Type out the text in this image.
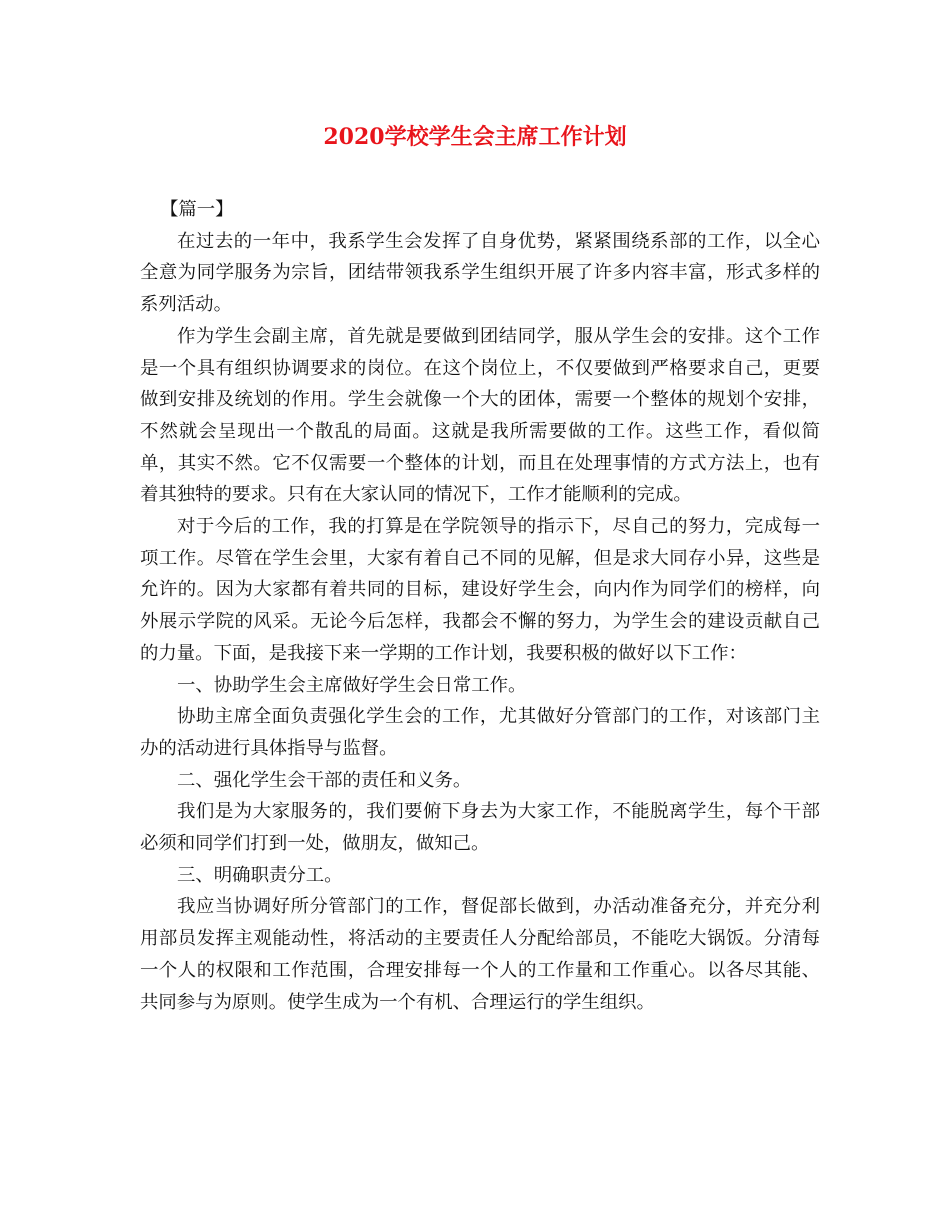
2020学校学生会主席工作计划

【篇一】

在过去的一年中，我系学生会发挥了自身优势，紧紧围绕系部的工作，以全心全意为同学服务为宗旨，团结带领我系学生组织开展了许多内容丰富，形式多样的系列活动。

作为学生会副主席，首先就是要做到团结同学，服从学生会的安排。这个工作是一个具有组织协调要求的岗位。在这个岗位上，不仅要做到严格要求自己，更要做到安排及统划的作用。学生会就像一个大的团体，需要一个整体的规划个安排，不然就会呈现出一个散乱的局面。这就是我所需要做的工作。这些工作，看似简单，其实不然。它不仅需要一个整体的计划，而且在处理事情的方式方法上，也有着其独特的要求。只有在大家认同的情况下，工作才能顺利的完成。

对于今后的工作，我的打算是在学院领导的指示下，尽自己的努力，完成每一项工作。尽管在学生会里，大家有着自己不同的见解，但是求大同存小异，这些是允许的。因为大家都有着共同的目标，建设好学生会，向内作为同学们的榜样，向外展示学院的风采。无论今后怎样，我都会不懈的努力，为学生会的建设贡献自己的力量。下面，是我接下来一学期的工作计划，我要积极的做好以下工作：

一、协助学生会主席做好学生会日常工作。

协助主席全面负责强化学生会的工作，尤其做好分管部门的工作，对该部门主办的活动进行具体指导与监督。

二、强化学生会干部的责任和义务。

我们是为大家服务的，我们要俯下身去为大家工作，不能脱离学生，每个干部必须和同学们打到一处，做朋友，做知己。

三、明确职责分工。

我应当协调好所分管部门的工作，督促部长做到，办活动准备充分，并充分利用部员发挥主观能动性，将活动的主要责任人分配给部员，不能吃大锅饭。分清每一个人的权限和工作范围，合理安排每一个人的工作量和工作重心。以各尽其能、共同参与为原则。使学生成为一个有机、合理运行的学生组织。
